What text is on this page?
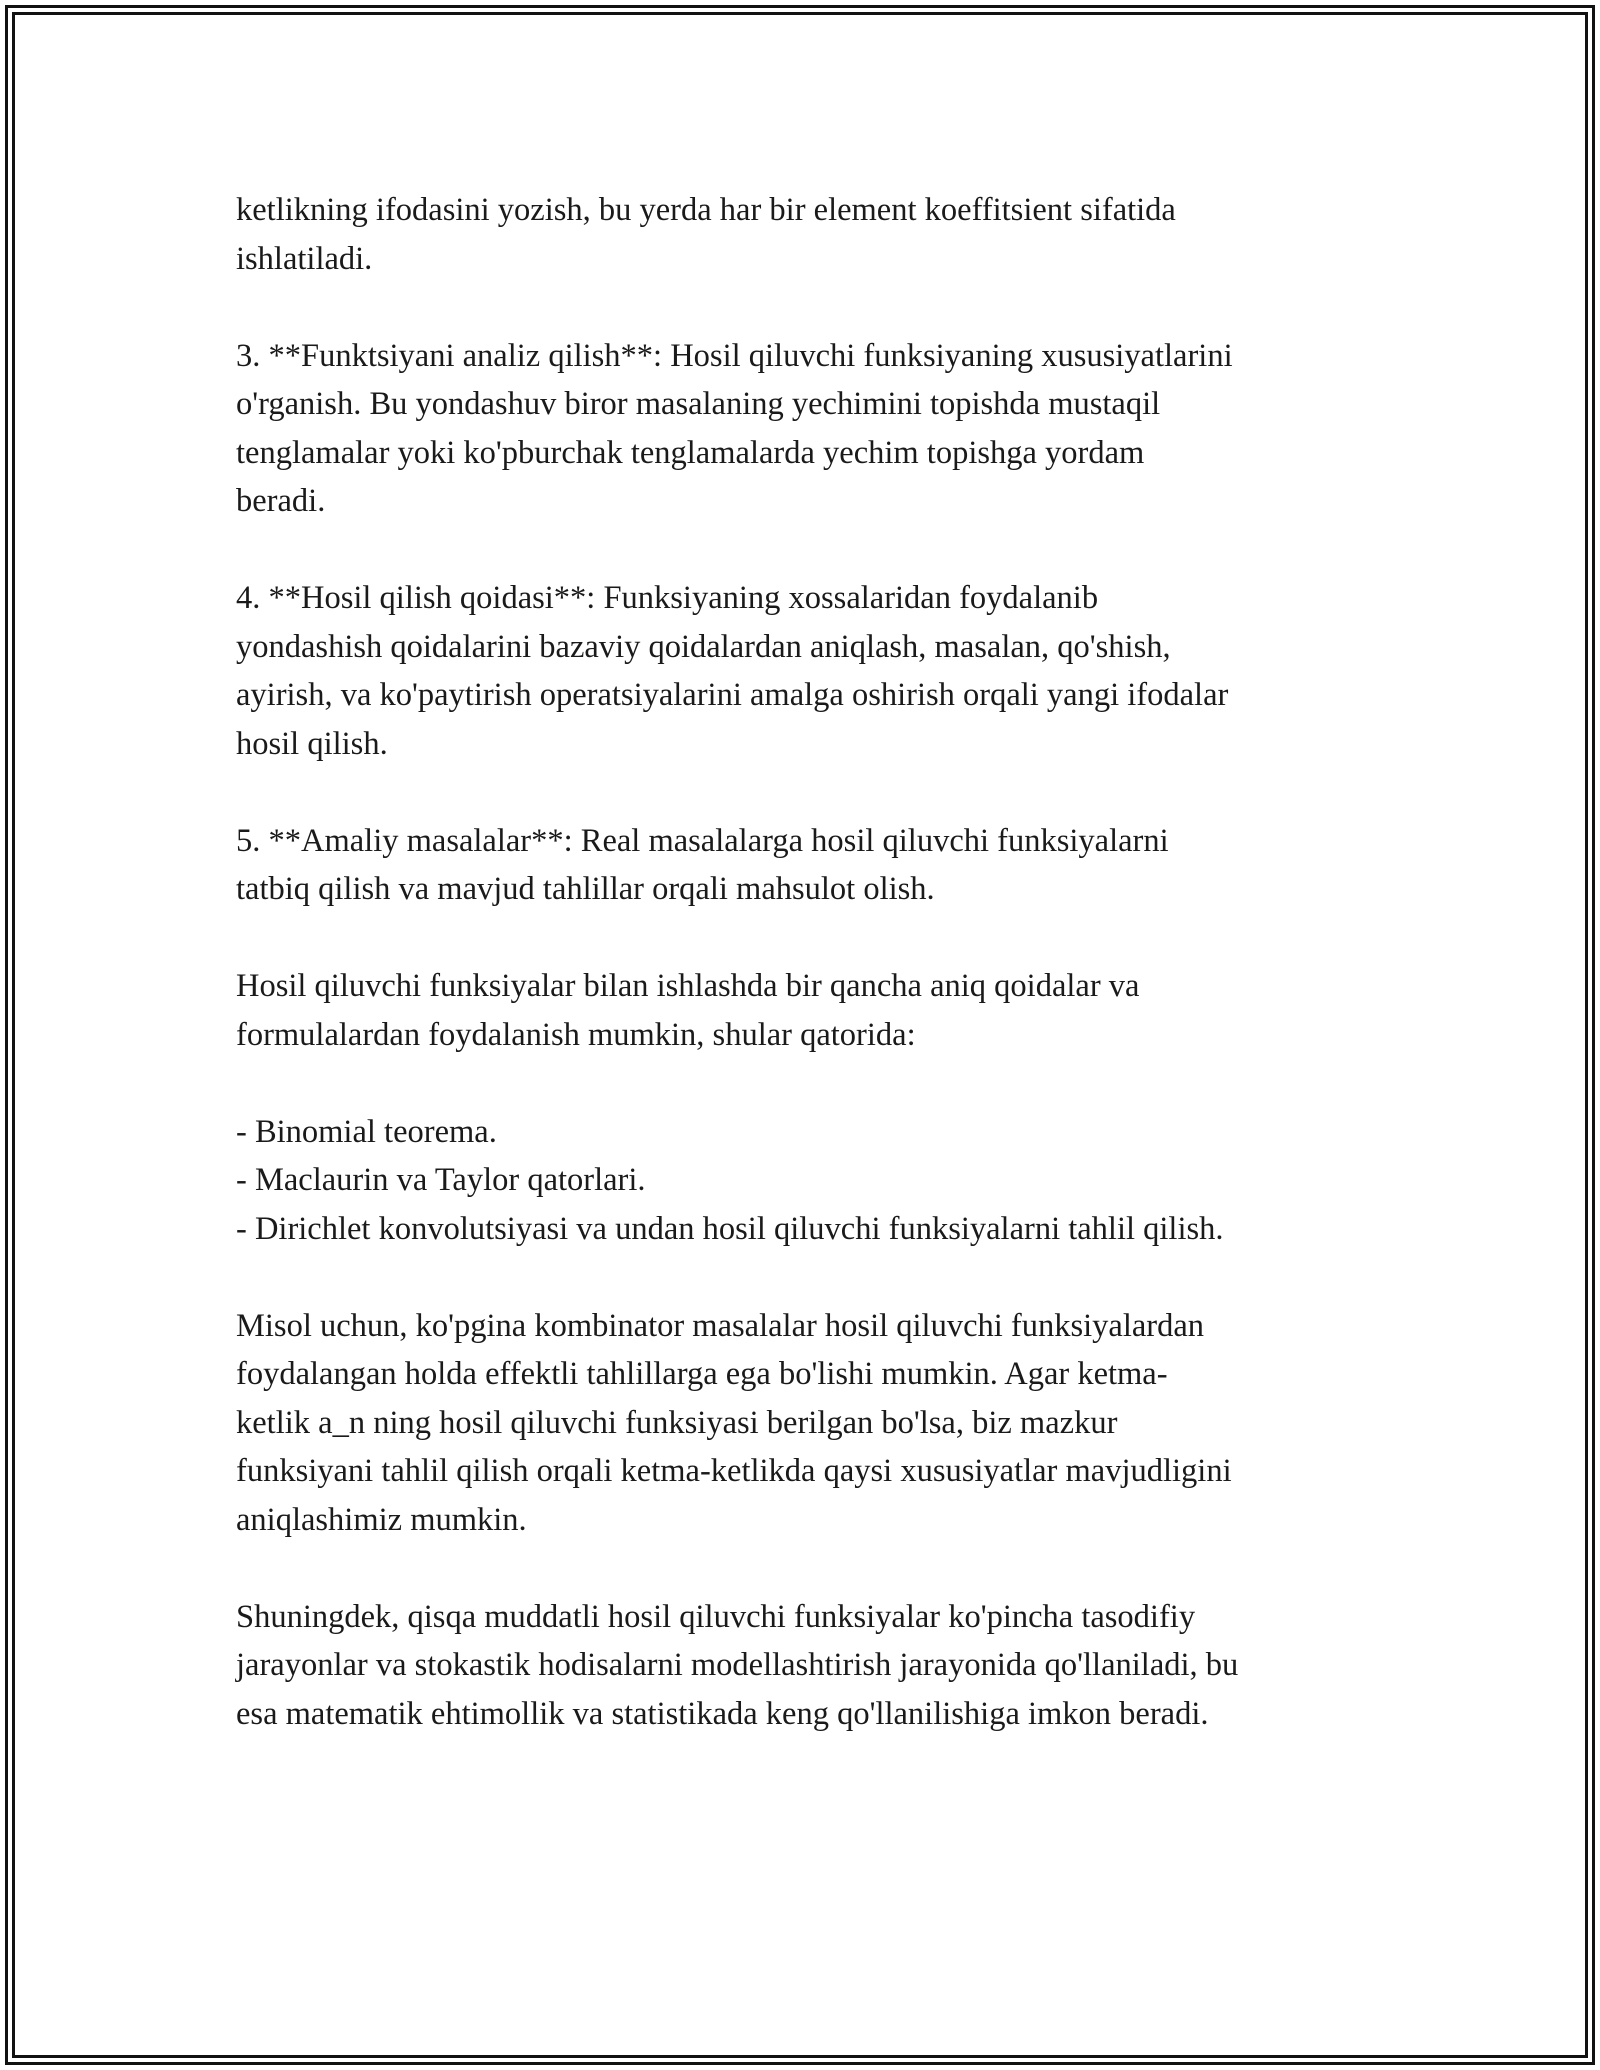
ketlikning ifodasini yozish, bu yerda har bir element koeffitsient sifatida
ishlatiladi.

3. **Funktsiyani analiz qilish**: Hosil qiluvchi funksiyaning xususiyatlarini
o'rganish. Bu yondashuv biror masalaning yechimini topishda mustaqil
tenglamalar yoki ko'pburchak tenglamalarda yechim topishga yordam
beradi.

4. **Hosil qilish qoidasi**: Funksiyaning xossalaridan foydalanib
yondashish qoidalarini bazaviy qoidalardan aniqlash, masalan, qo'shish,
ayirish, va ko'paytirish operatsiyalarini amalga oshirish orqali yangi ifodalar
hosil qilish.

5. **Amaliy masalalar**: Real masalalarga hosil qiluvchi funksiyalarni
tatbiq qilish va mavjud tahlillar orqali mahsulot olish.

Hosil qiluvchi funksiyalar bilan ishlashda bir qancha aniq qoidalar va
formulalardan foydalanish mumkin, shular qatorida:

- Binomial teorema.
- Maclaurin va Taylor qatorlari.
- Dirichlet konvolutsiyasi va undan hosil qiluvchi funksiyalarni tahlil qilish.

Misol uchun, ko'pgina kombinator masalalar hosil qiluvchi funksiyalardan
foydalangan holda effektli tahlillarga ega bo'lishi mumkin. Agar ketma-
ketlik a_n ning hosil qiluvchi funksiyasi berilgan bo'lsa, biz mazkur
funksiyani tahlil qilish orqali ketma-ketlikda qaysi xususiyatlar mavjudligini
aniqlashimiz mumkin.

Shuningdek, qisqa muddatli hosil qiluvchi funksiyalar ko'pincha tasodifiy
jarayonlar va stokastik hodisalarni modellashtirish jarayonida qo'llaniladi, bu
esa matematik ehtimollik va statistikada keng qo'llanilishiga imkon beradi.
